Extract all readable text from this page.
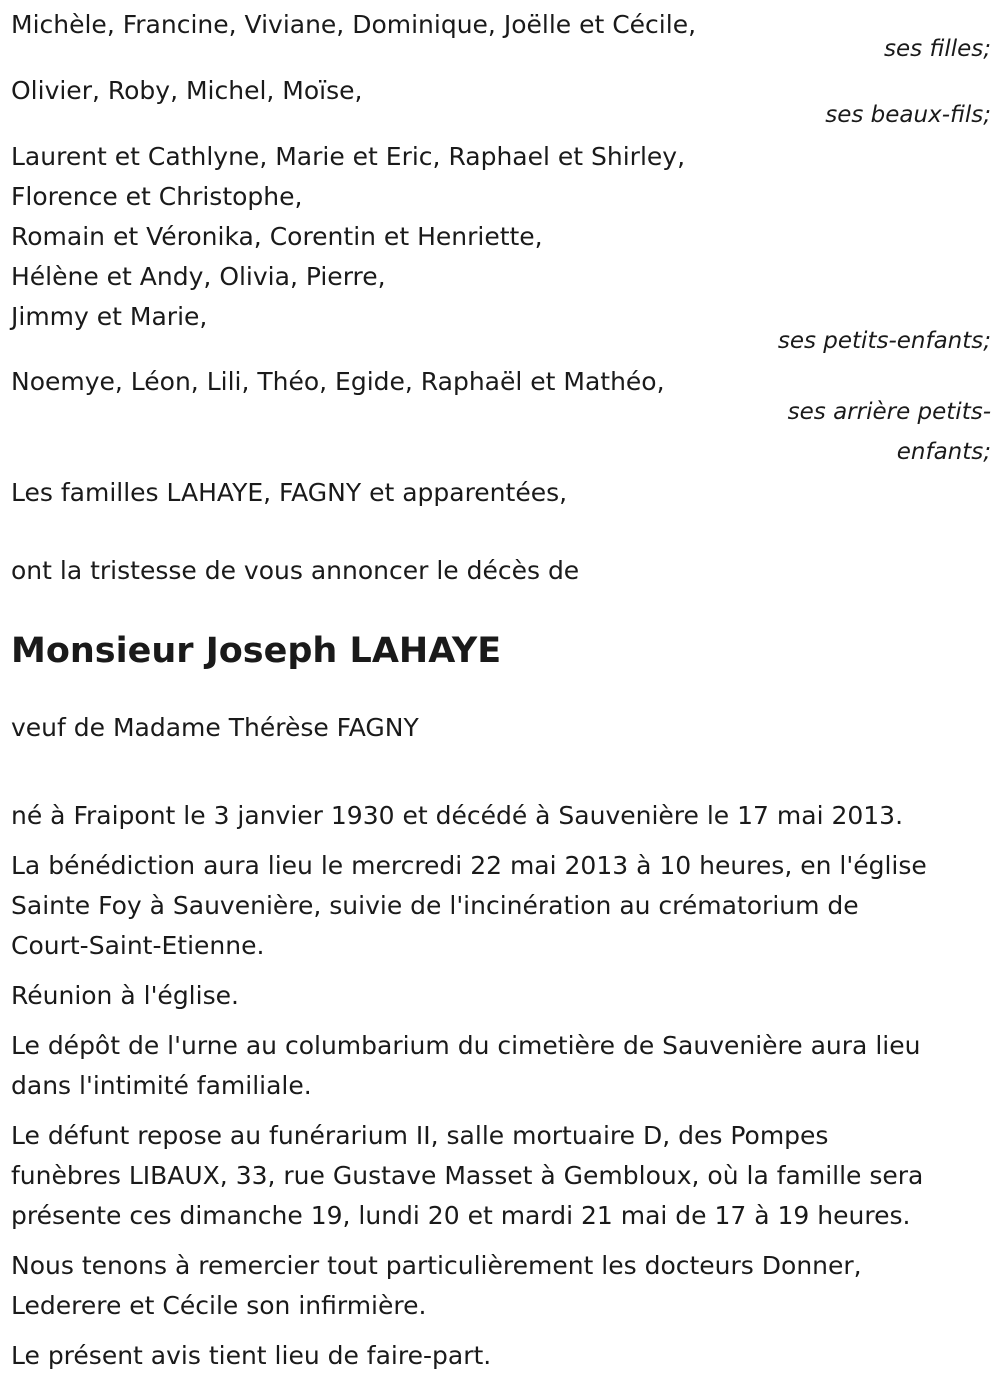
Michèle, Francine, Viviane, Dominique, Joëlle et Cécile,
ses filles;
Olivier, Roby, Michel, Moïse,
ses beaux-fils;
Laurent et Cathlyne, Marie et Eric, Raphael et Shirley,
Florence et Christophe,
Romain et Véronika, Corentin et Henriette,
Hélène et Andy, Olivia, Pierre,
Jimmy et Marie,
ses petits-enfants;
Noemye, Léon, Lili, Théo, Egide, Raphaël et Mathéo,
ses arrière petits-
enfants;
Les familles LAHAYE, FAGNY et apparentées,
ont la tristesse de vous annoncer le décès de
Monsieur Joseph LAHAYE
veuf de Madame Thérèse FAGNY
né à Fraipont le 3 janvier 1930 et décédé à Sauvenière le 17 mai 2013.
La bénédiction aura lieu le mercredi 22 mai 2013 à 10 heures, en l'église
Sainte Foy à Sauvenière, suivie de l'incinération au crématorium de
Court-Saint-Etienne.
Réunion à l'église.
Le dépôt de l'urne au columbarium du cimetière de Sauvenière aura lieu
dans l'intimité familiale.
Le défunt repose au funérarium II, salle mortuaire D, des Pompes
funèbres LIBAUX, 33, rue Gustave Masset à Gembloux, où la famille sera
présente ces dimanche 19, lundi 20 et mardi 21 mai de 17 à 19 heures.
Nous tenons à remercier tout particulièrement les docteurs Donner,
Lederere et Cécile son infirmière.
Le présent avis tient lieu de faire-part.
